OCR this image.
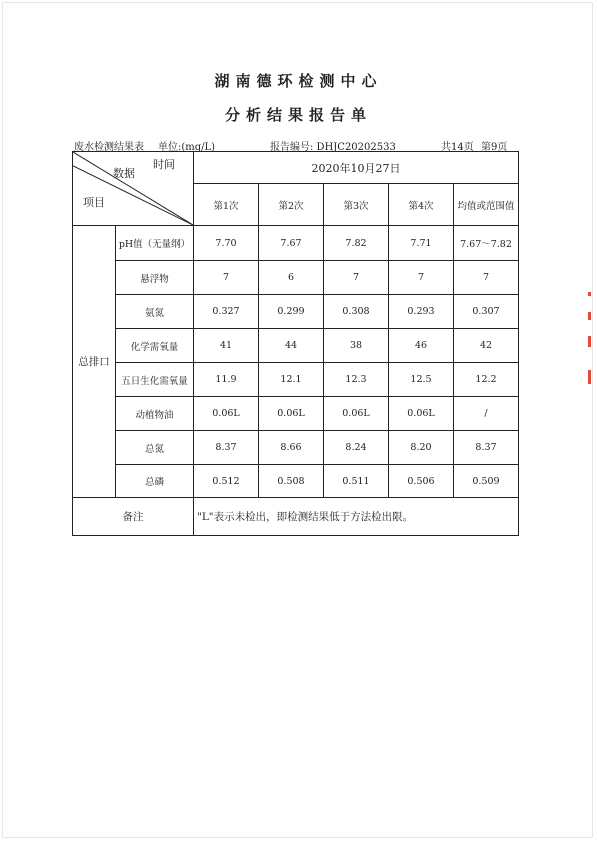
湖南德环检测中心
分析结果报告单
废水检测结果表 单位:(mg/L)	报告编号: DHJC20202533	共14页 第9页
时间
数据
项目		2020年10月27日				
		第1次	第2次	第3次	第4次	均值或范围值
总排口	pH值（无量纲）	7.70	7.67	7.82	7.71	7.67～7.82
	悬浮物	7	6	7	7	7
	氨氮	0.327	0.299	0.308	0.293	0.307
	化学需氧量	41	44	38	46	42
	五日生化需氧量	11.9	12.1	12.3	12.5	12.2
	动植物油	0.06L	0.06L	0.06L	0.06L	/
	总氮	8.37	8.66	8.24	8.20	8.37
	总磷	0.512	0.508	0.511	0.506	0.509
备注		"L"表示未检出，即检测结果低于方法检出限。				
